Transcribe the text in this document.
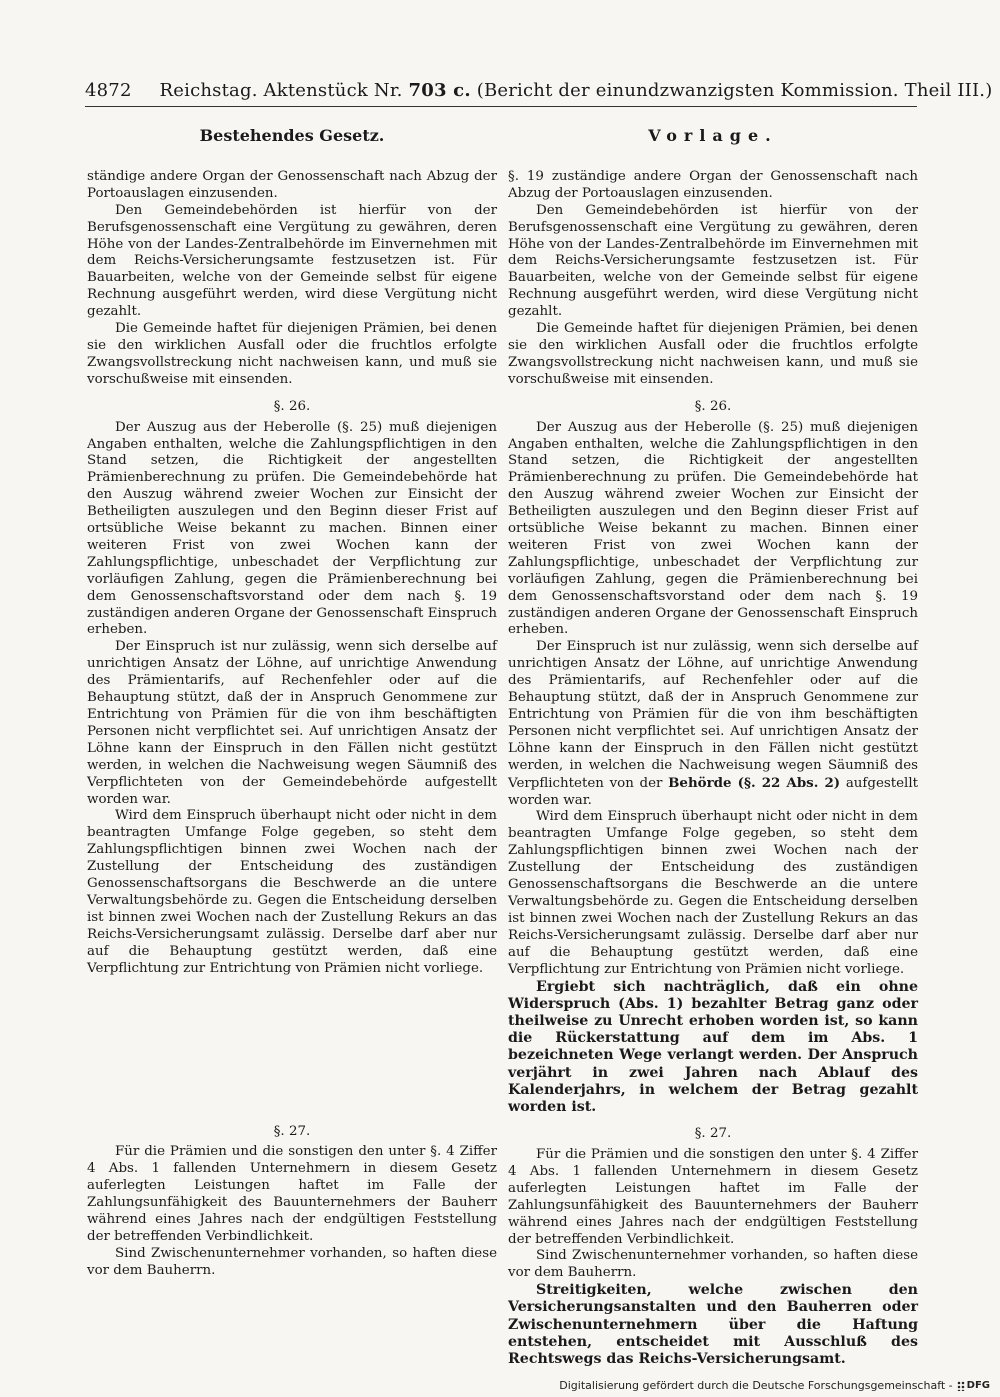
4872 Reichstag. Aktenstück Nr. 703 c. (Bericht der einundzwanzigsten Kommission. Theil III.)
Bestehendes Gesetz.

ständige andere Organ der Genossenschaft nach Abzug der Portoauslagen einzusenden.

Den Gemeindebehörden ist hierfür von der Berufsgenossenschaft eine Vergütung zu gewähren, deren Höhe von der Landes-Zentralbehörde im Einvernehmen mit dem Reichs-Versicherungsamte festzusetzen ist. Für Bauarbeiten, welche von der Gemeinde selbst für eigene Rechnung ausgeführt werden, wird diese Vergütung nicht gezahlt.

Die Gemeinde haftet für diejenigen Prämien, bei denen sie den wirklichen Ausfall oder die fruchtlos erfolgte Zwangsvollstreckung nicht nachweisen kann, und muß sie vorschußweise mit einsenden.

§. 26.

Der Auszug aus der Heberolle (§. 25) muß diejenigen Angaben enthalten, welche die Zahlungspflichtigen in den Stand setzen, die Richtigkeit der angestellten Prämienberechnung zu prüfen. Die Gemeindebehörde hat den Auszug während zweier Wochen zur Einsicht der Betheiligten auszulegen und den Beginn dieser Frist auf ortsübliche Weise bekannt zu machen. Binnen einer weiteren Frist von zwei Wochen kann der Zahlungspflichtige, unbeschadet der Verpflichtung zur vorläufigen Zahlung, gegen die Prämienberechnung bei dem Genossenschaftsvorstand oder dem nach §. 19 zuständigen anderen Organe der Genossenschaft Einspruch erheben.

Der Einspruch ist nur zulässig, wenn sich derselbe auf unrichtigen Ansatz der Löhne, auf unrichtige Anwendung des Prämientarifs, auf Rechenfehler oder auf die Behauptung stützt, daß der in Anspruch Genommene zur Entrichtung von Prämien für die von ihm beschäftigten Personen nicht verpflichtet sei. Auf unrichtigen Ansatz der Löhne kann der Einspruch in den Fällen nicht gestützt werden, in welchen die Nachweisung wegen Säumniß des Verpflichteten von der Gemeindebehörde aufgestellt worden war.

Wird dem Einspruch überhaupt nicht oder nicht in dem beantragten Umfange Folge gegeben, so steht dem Zahlungspflichtigen binnen zwei Wochen nach der Zustellung der Entscheidung des zuständigen Genossenschaftsorgans die Beschwerde an die untere Verwaltungsbehörde zu. Gegen die Entscheidung derselben ist binnen zwei Wochen nach der Zustellung Rekurs an das Reichs-Versicherungsamt zulässig. Derselbe darf aber nur auf die Behauptung gestützt werden, daß eine Verpflichtung zur Entrichtung von Prämien nicht vorliege.

§. 27.

Für die Prämien und die sonstigen den unter §. 4 Ziffer 4 Abs. 1 fallenden Unternehmern in diesem Gesetz auferlegten Leistungen haftet im Falle der Zahlungsunfähigkeit des Bauunternehmers der Bauherr während eines Jahres nach der endgültigen Feststellung der betreffenden Verbindlichkeit.

Sind Zwischenunternehmer vorhanden, so haften diese vor dem Bauherrn.

Vorlage.

§. 19 zuständige andere Organ der Genossenschaft nach Abzug der Portoauslagen einzusenden.

Den Gemeindebehörden ist hierfür von der Berufsgenossenschaft eine Vergütung zu gewähren, deren Höhe von der Landes-Zentralbehörde im Einvernehmen mit dem Reichs-Versicherungsamte festzusetzen ist. Für Bauarbeiten, welche von der Gemeinde selbst für eigene Rechnung ausgeführt werden, wird diese Vergütung nicht gezahlt.

Die Gemeinde haftet für diejenigen Prämien, bei denen sie den wirklichen Ausfall oder die fruchtlos erfolgte Zwangsvollstreckung nicht nachweisen kann, und muß sie vorschußweise mit einsenden.

§. 26.

Der Auszug aus der Heberolle (§. 25) muß diejenigen Angaben enthalten, welche die Zahlungspflichtigen in den Stand setzen, die Richtigkeit der angestellten Prämienberechnung zu prüfen. Die Gemeindebehörde hat den Auszug während zweier Wochen zur Einsicht der Betheiligten auszulegen und den Beginn dieser Frist auf ortsübliche Weise bekannt zu machen. Binnen einer weiteren Frist von zwei Wochen kann der Zahlungspflichtige, unbeschadet der Verpflichtung zur vorläufigen Zahlung, gegen die Prämienberechnung bei dem Genossenschaftsvorstand oder dem nach §. 19 zuständigen anderen Organe der Genossenschaft Einspruch erheben.

Der Einspruch ist nur zulässig, wenn sich derselbe auf unrichtigen Ansatz der Löhne, auf unrichtige Anwendung des Prämientarifs, auf Rechenfehler oder auf die Behauptung stützt, daß der in Anspruch Genommene zur Entrichtung von Prämien für die von ihm beschäftigten Personen nicht verpflichtet sei. Auf unrichtigen Ansatz der Löhne kann der Einspruch in den Fällen nicht gestützt werden, in welchen die Nachweisung wegen Säumniß des Verpflichteten von der Behörde (§. 22 Abs. 2) aufgestellt worden war.

Wird dem Einspruch überhaupt nicht oder nicht in dem beantragten Umfange Folge gegeben, so steht dem Zahlungspflichtigen binnen zwei Wochen nach der Zustellung der Entscheidung des zuständigen Genossenschaftsorgans die Beschwerde an die untere Verwaltungsbehörde zu. Gegen die Entscheidung derselben ist binnen zwei Wochen nach der Zustellung Rekurs an das Reichs-Versicherungsamt zulässig. Derselbe darf aber nur auf die Behauptung gestützt werden, daß eine Verpflichtung zur Entrichtung von Prämien nicht vorliege.

Ergiebt sich nachträglich, daß ein ohne Widerspruch (Abs. 1) bezahlter Betrag ganz oder theilweise zu Unrecht erhoben worden ist, so kann die Rückerstattung auf dem im Abs. 1 bezeichneten Wege verlangt werden. Der Anspruch verjährt in zwei Jahren nach Ablauf des Kalenderjahrs, in welchem der Betrag gezahlt worden ist.

§. 27.

Für die Prämien und die sonstigen den unter §. 4 Ziffer 4 Abs. 1 fallenden Unternehmern in diesem Gesetz auferlegten Leistungen haftet im Falle der Zahlungsunfähigkeit des Bauunternehmers der Bauherr während eines Jahres nach der endgültigen Feststellung der betreffenden Verbindlichkeit.

Sind Zwischenunternehmer vorhanden, so haften diese vor dem Bauherrn.

Streitigkeiten, welche zwischen den Versicherungsanstalten und den Bauherren oder Zwischenunternehmern über die Haftung entstehen, entscheidet mit Ausschluß des Rechtswegs das Reichs-Versicherungsamt.

Digitalisierung gefördert durch die Deutsche Forschungsgemeinschaft - DFG
